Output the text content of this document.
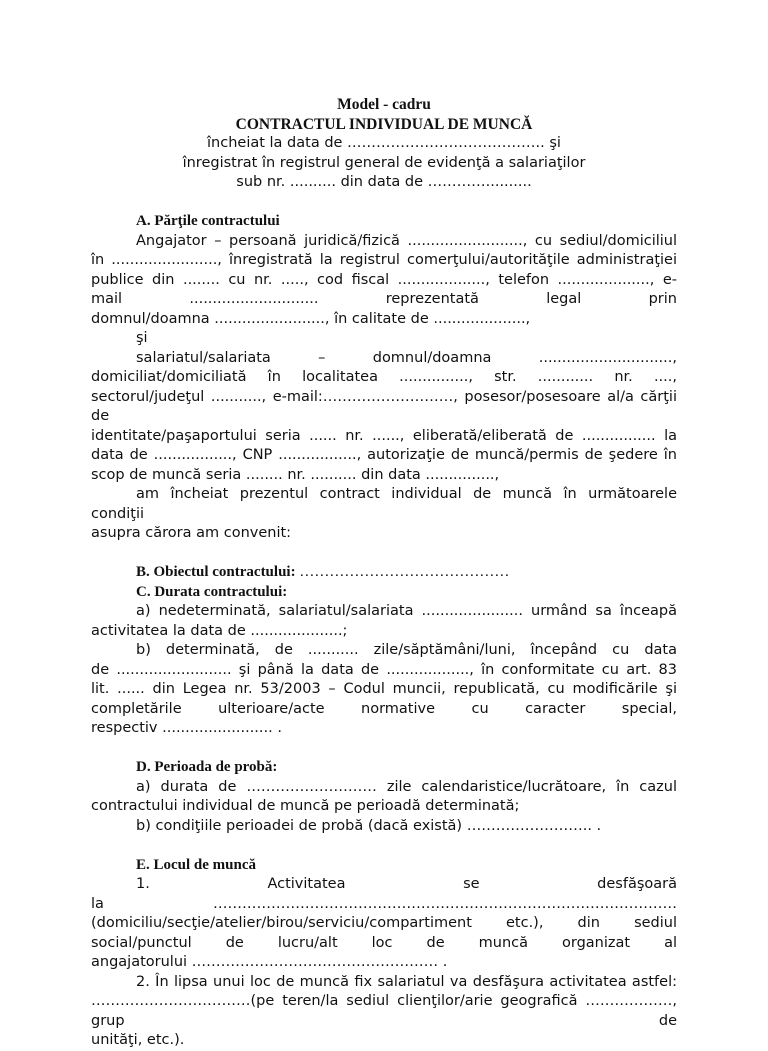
Model - cadru
CONTRACTUL INDIVIDUAL DE MUNCĂ
încheiat la data de ………………………………….. şi
înregistrat în registrul general de evidenţă a salariaţilor
sub nr. .......... din data de …………..........
A. Părţile contractului
Angajator – persoană juridică/fizică ........................., cu sediul/domiciliul
în ......................., înregistrată la registrul comerţului/autorităţile administraţiei
publice din ........ cu nr. ....., cod fiscal ..................., telefon ...................., e-
mail ............................ reprezentată legal prin
domnul/doamna ........................, în calitate de ....................,
şi
salariatul/salariata – domnul/doamna .............................,
domiciliat/domiciliată în localitatea ..............., str. ............ nr. ....,
sectorul/judeţul ..........., e-mail:………………………, posesor/posesoare al/a cărţii de
identitate/paşaportului seria ...... nr. ......, eliberată/eliberată de ................ la
data de ................., CNP ................., autorizaţie de muncă/permis de şedere în
scop de muncă seria ........ nr. .......... din data ...............,
am încheiat prezentul contract individual de muncă în următoarele condiţii
asupra cărora am convenit:
B. Obiectul contractului: ……………………………………
C. Durata contractului:
a) nedeterminată, salariatul/salariata ...................... urmând sa înceapă
activitatea la data de ....................;
b) determinată, de ........... zile/săptămâni/luni, începând cu data
de ......................... şi până la data de .................., în conformitate cu art. 83
lit. ...... din Legea nr. 53/2003 – Codul muncii, republicată, cu modificările şi
completările ulterioare/acte normative cu caracter special,
respectiv ........................ .
D. Perioada de probă:
a) durata de ……………………… zile calendaristice/lucrătoare, în cazul
contractului individual de muncă pe perioadă determinată;
b) condiţiile perioadei de probă (dacă există) …………………….. .
E. Locul de muncă
1. Activitatea se desfăşoară
la ……………………………………………………………………………………
(domiciliu/secţie/atelier/birou/serviciu/compartiment etc.), din sediul
social/punctul de lucru/alt loc de muncă organizat al
angajatorului …………………………………………… .
2. În lipsa unui loc de muncă fix salariatul va desfăşura activitatea astfel:
……………………………(pe teren/la sediul clienţilor/arie geografică ………………, grup de
unităţi, etc.).
